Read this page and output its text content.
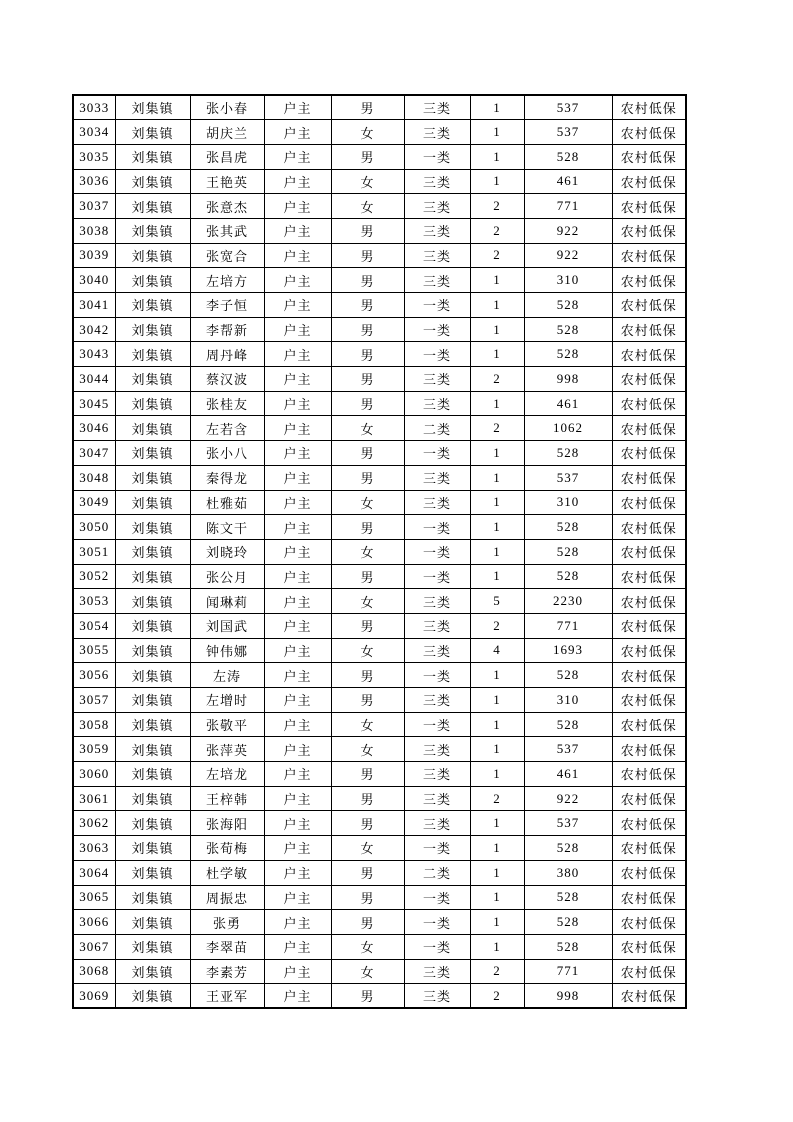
3033	刘集镇	张小春	户主	男	三类	1	537	农村低保
3034	刘集镇	胡庆兰	户主	女	三类	1	537	农村低保
3035	刘集镇	张昌虎	户主	男	一类	1	528	农村低保
3036	刘集镇	王艳英	户主	女	三类	1	461	农村低保
3037	刘集镇	张意杰	户主	女	三类	2	771	农村低保
3038	刘集镇	张其武	户主	男	三类	2	922	农村低保
3039	刘集镇	张宽合	户主	男	三类	2	922	农村低保
3040	刘集镇	左培方	户主	男	三类	1	310	农村低保
3041	刘集镇	李子恒	户主	男	一类	1	528	农村低保
3042	刘集镇	李帮新	户主	男	一类	1	528	农村低保
3043	刘集镇	周丹峰	户主	男	一类	1	528	农村低保
3044	刘集镇	蔡汉波	户主	男	三类	2	998	农村低保
3045	刘集镇	张桂友	户主	男	三类	1	461	农村低保
3046	刘集镇	左若含	户主	女	二类	2	1062	农村低保
3047	刘集镇	张小八	户主	男	一类	1	528	农村低保
3048	刘集镇	秦得龙	户主	男	三类	1	537	农村低保
3049	刘集镇	杜雅茹	户主	女	三类	1	310	农村低保
3050	刘集镇	陈文干	户主	男	一类	1	528	农村低保
3051	刘集镇	刘晓玲	户主	女	一类	1	528	农村低保
3052	刘集镇	张公月	户主	男	一类	1	528	农村低保
3053	刘集镇	闻琳莉	户主	女	三类	5	2230	农村低保
3054	刘集镇	刘国武	户主	男	三类	2	771	农村低保
3055	刘集镇	钟伟娜	户主	女	三类	4	1693	农村低保
3056	刘集镇	左涛	户主	男	一类	1	528	农村低保
3057	刘集镇	左增时	户主	男	三类	1	310	农村低保
3058	刘集镇	张敬平	户主	女	一类	1	528	农村低保
3059	刘集镇	张萍英	户主	女	三类	1	537	农村低保
3060	刘集镇	左培龙	户主	男	三类	1	461	农村低保
3061	刘集镇	王梓韩	户主	男	三类	2	922	农村低保
3062	刘集镇	张海阳	户主	男	三类	1	537	农村低保
3063	刘集镇	张荀梅	户主	女	一类	1	528	农村低保
3064	刘集镇	杜学敏	户主	男	二类	1	380	农村低保
3065	刘集镇	周振忠	户主	男	一类	1	528	农村低保
3066	刘集镇	张勇	户主	男	一类	1	528	农村低保
3067	刘集镇	李翠苗	户主	女	一类	1	528	农村低保
3068	刘集镇	李素芳	户主	女	三类	2	771	农村低保
3069	刘集镇	王亚军	户主	男	三类	2	998	农村低保
